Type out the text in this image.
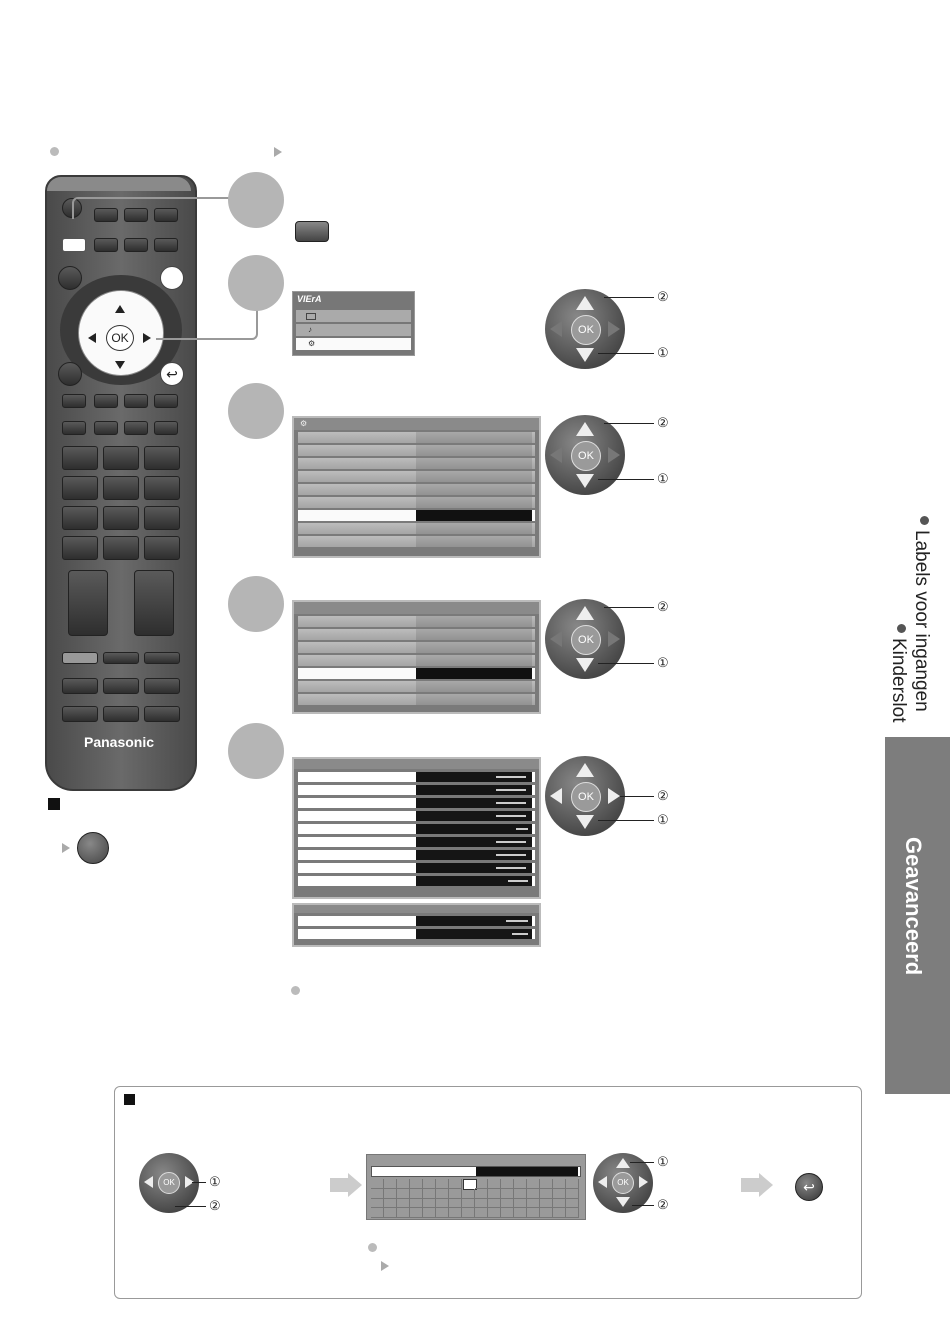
OK
↩
Panasonic
VIErA
♪
⚙
⚙
OK
②
①
OK
②
①
OK
②
①
OK	②
①
Labels voor ingangen
Kinderslot
Geavanceerd
OK	①
②
OK
①
②
↩
